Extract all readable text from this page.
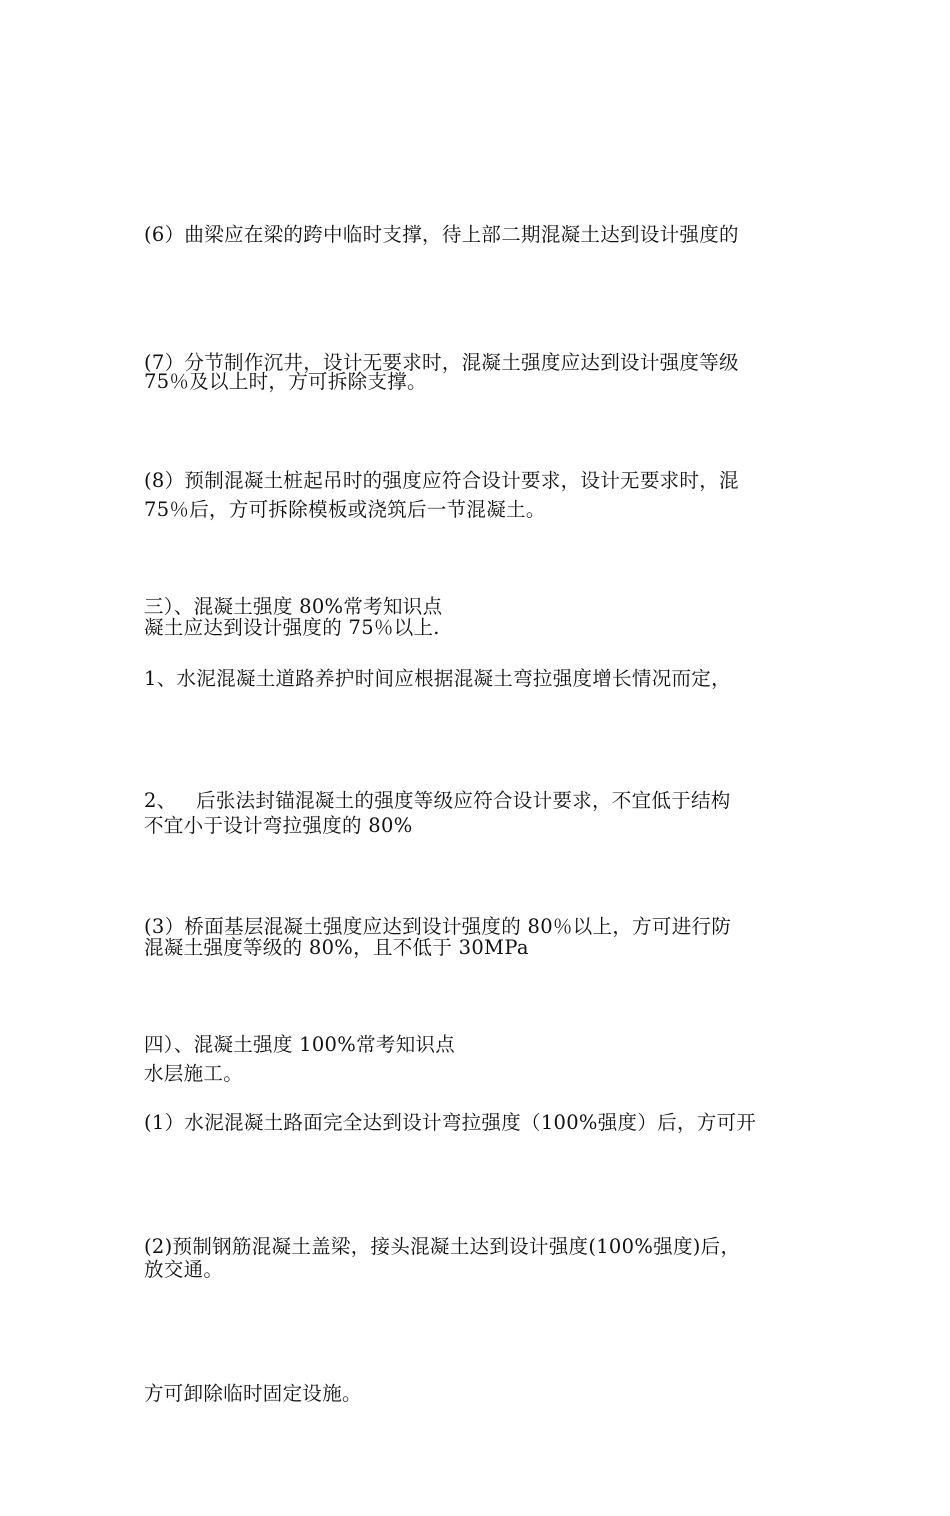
(6）曲梁应在梁的跨中临时支撑，待上部二期混凝土达到设计强度的

75％及以上时，方可拆除支撑。

(7）分节制作沉井，设计无要求时，混凝土强度应达到设计强度等级

75％后，方可拆除模板或浇筑后一节混凝土。

(8）预制混凝土桩起吊时的强度应符合设计要求，设计无要求时，混

凝土应达到设计强度的 75％以上.

三）、混凝土强度 80%常考知识点

1、水泥混凝土道路养护时间应根据混凝土弯拉强度增长情况而定，

不宜小于设计弯拉强度的 80%

2、   后张法封锚混凝土的强度等级应符合设计要求，不宜低于结构

混凝土强度等级的 80%，且不低于 30MPa

(3）桥面基层混凝土强度应达到设计强度的 80％以上，方可进行防

水层施工。

四）、混凝土强度 100%常考知识点

(1）水泥混凝土路面完全达到设计弯拉强度（100%强度）后，方可开

放交通。

(2)预制钢筋混凝土盖梁，接头混凝土达到设计强度(100%强度)后，

方可卸除临时固定设施。
